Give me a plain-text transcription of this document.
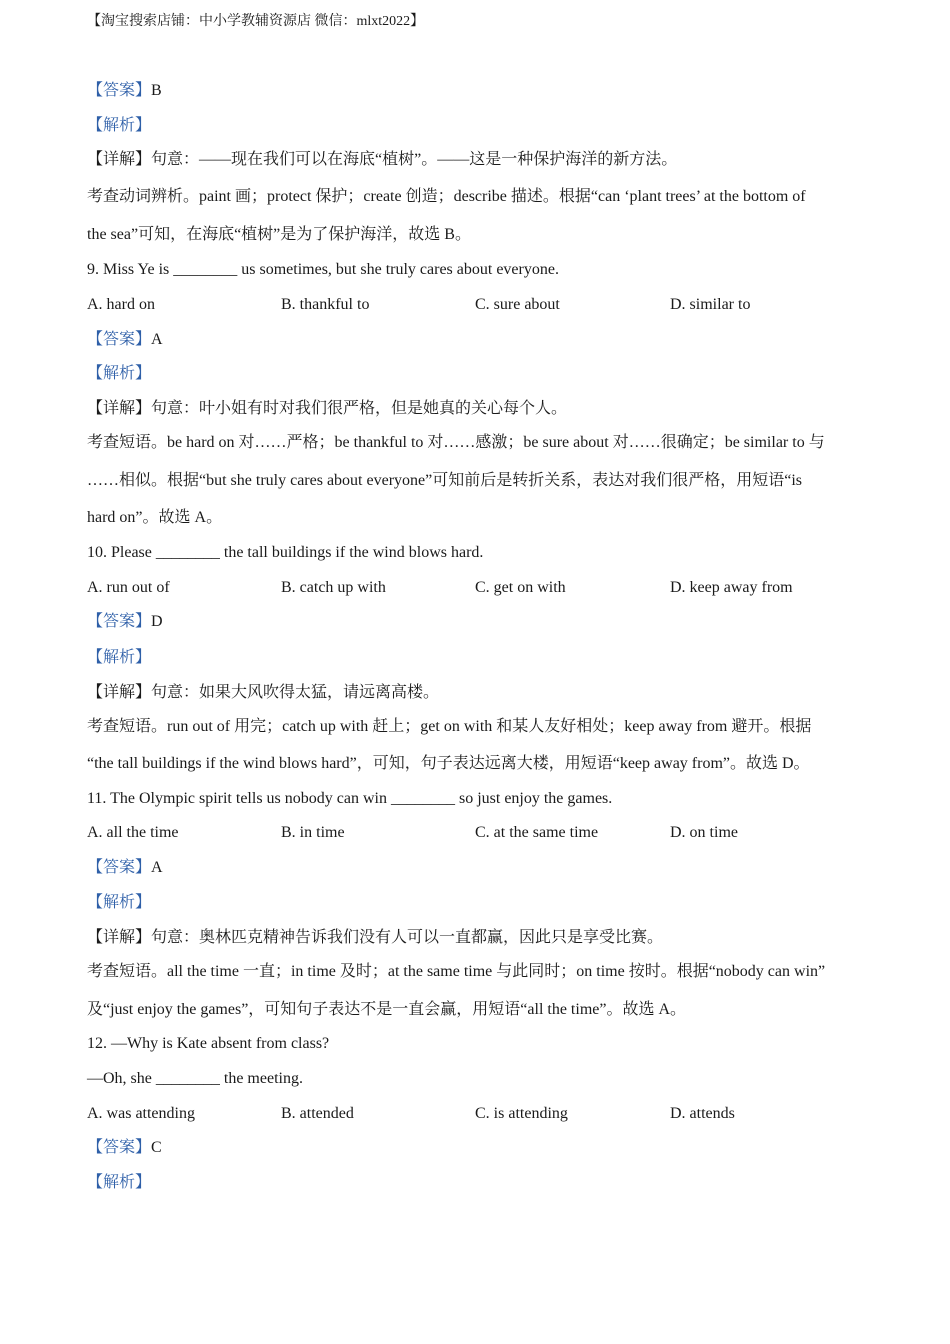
【淘宝搜索店铺：中小学教辅资源店 微信：mlxt2022】
【答案】B
【解析】
【详解】句意：——现在我们可以在海底“植树”。——这是一种保护海洋的新方法。
考查动词辨析。paint 画；protect 保护；create 创造；describe 描述。根据“can ‘plant trees’ at the bottom of
the sea”可知，在海底“植树”是为了保护海洋，故选 B。
9. Miss Ye is ________ us sometimes, but she truly cares about everyone.
A. hard on	B. thankful to	C. sure about	D. similar to
【答案】A
【解析】
【详解】句意：叶小姐有时对我们很严格，但是她真的关心每个人。
考查短语。be hard on 对……严格；be thankful to 对……感激；be sure about 对……很确定；be similar to 与
……相似。根据“but she truly cares about everyone”可知前后是转折关系，表达对我们很严格，用短语“is
hard on”。故选 A。
10. Please ________ the tall buildings if the wind blows hard.
A. run out of	B. catch up with	C. get on with	D. keep away from
【答案】D
【解析】
【详解】句意：如果大风吹得太猛，请远离高楼。
考查短语。run out of 用完；catch up with 赶上；get on with 和某人友好相处；keep away from 避开。根据
“the tall buildings if the wind blows hard”，可知，句子表达远离大楼，用短语“keep away from”。故选 D。
11. The Olympic spirit tells us nobody can win ________ so just enjoy the games.
A. all the time	B. in time	C. at the same time	D. on time
【答案】A
【解析】
【详解】句意：奥林匹克精神告诉我们没有人可以一直都赢，因此只是享受比赛。
考查短语。all the time 一直；in time 及时；at the same time 与此同时；on time 按时。根据“nobody can win”
及“just enjoy the games”，可知句子表达不是一直会赢，用短语“all the time”。故选 A。
12. —Why is Kate absent from class?
—Oh, she ________ the meeting.
A. was attending	B. attended	C. is attending	D. attends
【答案】C
【解析】
